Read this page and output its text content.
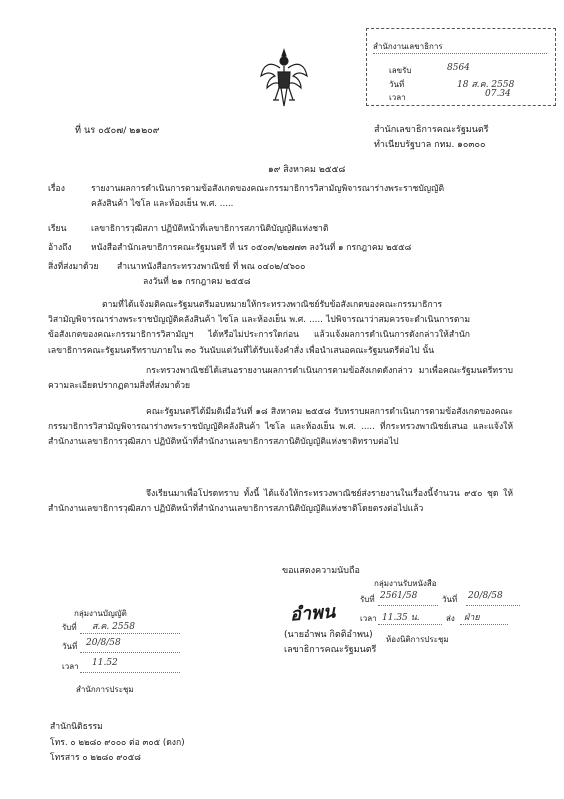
สำนักงานเลขาธิการ
เลขรับ	8564
วันที่	18 ส.ค. 2558
เวลา	07.34
ที่ นร ๐๕๐๗/ ๒๑๒๐๙	สำนักเลขาธิการคณะรัฐมนตรี
ทำเนียบรัฐบาล กทม. ๑๐๓๐๐
๑๙ สิงหาคม ๒๕๕๘
เรื่อง	รายงานผลการดำเนินการตามข้อสังเกตของคณะกรรมาธิการวิสามัญพิจารณาร่างพระราชบัญญัติ
คลังสินค้า ไซโล และห้องเย็น พ.ศ. .....
เรียน	เลขาธิการวุฒิสภา ปฏิบัติหน้าที่เลขาธิการสภานิติบัญญัติแห่งชาติ
อ้างถึง หนังสือสำนักเลขาธิการคณะรัฐมนตรี ที่ นร ๐๕๐๓/๒๒๗๗๓ ลงวันที่ ๑ กรกฎาคม ๒๕๕๘
สิ่งที่ส่งมาด้วย สำเนาหนังสือกระทรวงพาณิชย์ ที่ พณ ๐๔๐๒/๔๖๐๐
ลงวันที่ ๒๑ กรกฎาคม ๒๕๕๘
ตามที่ได้แจ้งมติคณะรัฐมนตรีมอบหมายให้กระทรวงพาณิชย์รับข้อสังเกตของคณะกรรมาธิการวิสามัญพิจารณาร่างพระราชบัญญัติคลังสินค้า ไซโล และห้องเย็น พ.ศ. ..... ไปพิจารณาว่าสมควรจะดำเนินการตามข้อสังเกตของคณะกรรมาธิการวิสามัญฯ ได้หรือไม่ประการใดก่อน แล้วแจ้งผลการดำเนินการดังกล่าวให้สำนักเลขาธิการคณะรัฐมนตรีทราบภายใน ๓๐ วันนับแต่วันที่ได้รับแจ้งคำสั่ง เพื่อนำเสนอคณะรัฐมนตรีต่อไป นั้น
กระทรวงพาณิชย์ได้เสนอรายงานผลการดำเนินการตามข้อสังเกตดังกล่าว มาเพื่อคณะรัฐมนตรีทราบ ความละเอียดปรากฏตามสิ่งที่ส่งมาด้วย
คณะรัฐมนตรีได้มีมติเมื่อวันที่ ๑๘ สิงหาคม ๒๕๕๘ รับทราบผลการดำเนินการตามข้อสังเกตของคณะกรรมาธิการวิสามัญพิจารณาร่างพระราชบัญญัติคลังสินค้า ไซโล และห้องเย็น พ.ศ. ..... ที่กระทรวงพาณิชย์เสนอ และแจ้งให้สำนักงานเลขาธิการวุฒิสภา ปฏิบัติหน้าที่สำนักงานเลขาธิการสภานิติบัญญัติแห่งชาติทราบต่อไป
จึงเรียนมาเพื่อโปรดทราบ ทั้งนี้ ได้แจ้งให้กระทรวงพาณิชย์ส่งรายงานในเรื่องนี้จำนวน ๙๕๐ ชุด ให้สำนักงานเลขาธิการวุฒิสภา ปฏิบัติหน้าที่สำนักงานเลขาธิการสภานิติบัญญัติแห่งชาติโดยตรงต่อไปแล้ว
ขอแสดงความนับถือ
กลุ่มงานรับหนังสือ
รับที่ 2561/58	วันที่ 20/8/58
เวลา 11.35 น.	ส่ง ฝ่าย
ห้องนิติการประชุม
กลุ่มงานบัญญัติ
รับที่ ส.ค. 2558
วันที่ 20/8/58
เวลา 11.52
สำนักการประชุม
อำพน
(นายอำพน กิตติอำพน)
เลขาธิการคณะรัฐมนตรี
สำนักนิติธรรม
โทร. ๐ ๒๒๘๐ ๙๐๐๐ ต่อ ๓๐๕ (ดงก)
โทรสาร ๐ ๒๒๘๐ ๙๐๕๘
